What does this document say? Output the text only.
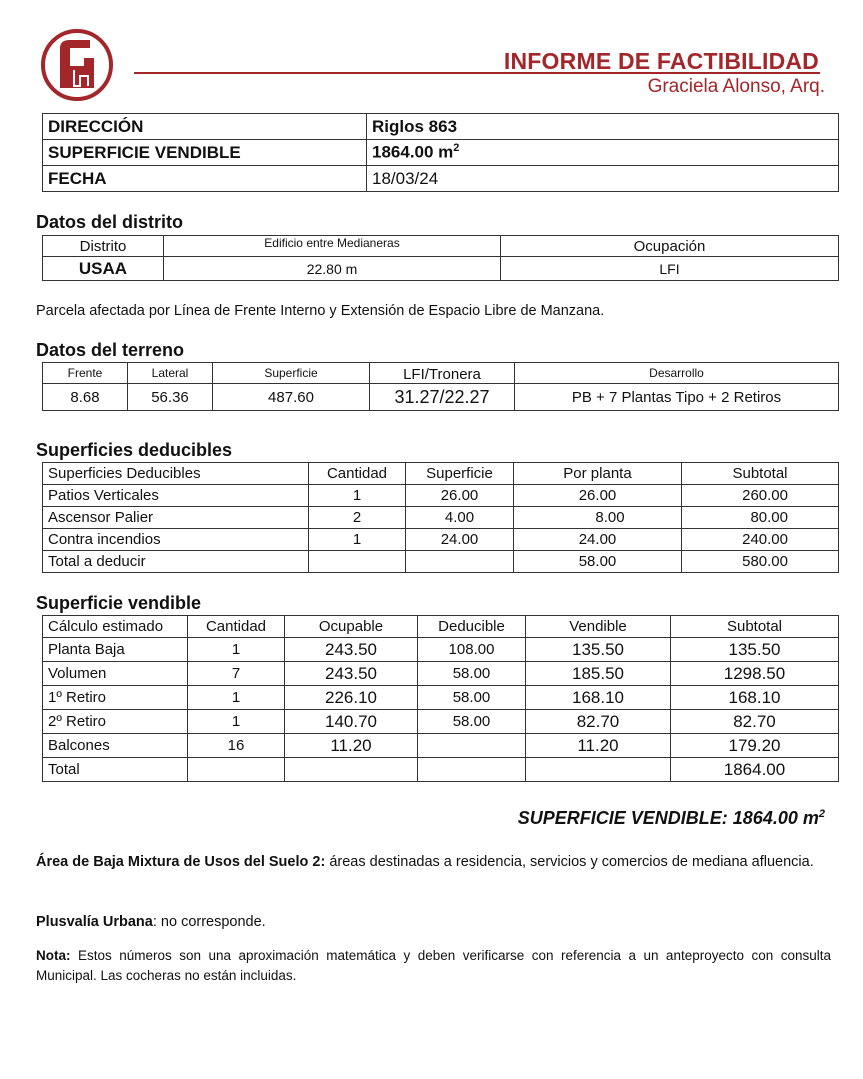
INFORME DE FACTIBILIDAD
Graciela Alonso, Arq.
DIRECCIÓN	Riglos 863
SUPERFICIE VENDIBLE	1864.00 $m^2$
FECHA	18/03/24
Datos del distrito
Distrito	Edificio entre Medianeras	Ocupación
USAA	22.80 m	LFI
Parcela afectada por Línea de Frente Interno y Extensión de Espacio Libre de Manzana.
Datos del terreno
Frente	Lateral	Superficie	LFI/Tronera	Desarrollo
8.68	56.36	487.60	31.27/22.27	PB + 7 Plantas Tipo + 2 Retiros
Superficies deducibles
Superficies Deducibles	Cantidad	Superficie	Por planta	Subtotal
Patios Verticales	1	26.00	26.00	260.00
Ascensor Palier	2	4.00	8.00	80.00
Contra incendios	1	24.00	24.00	240.00
Total a deducir			58.00	580.00
Superficie vendible
Cálculo estimado	Cantidad	Ocupable	Deducible	Vendible	Subtotal
Planta Baja	1	243.50	108.00	135.50	135.50
Volumen	7	243.50	58.00	185.50	1298.50
1º Retiro	1	226.10	58.00	168.10	168.10
2º Retiro	1	140.70	58.00	82.70	82.70
Balcones	16	11.20		11.20	179.20
Total					1864.00
SUPERFICIE VENDIBLE: 1864.00 $m^2$
Área de Baja Mixtura de Usos del Suelo 2: áreas destinadas a residencia, servicios y comercios de mediana afluencia.
Plusvalía Urbana: no corresponde.
Nota: Estos números son una aproximación matemática y deben verificarse con referencia a un anteproyecto con consulta Municipal. Las cocheras no están incluidas.
